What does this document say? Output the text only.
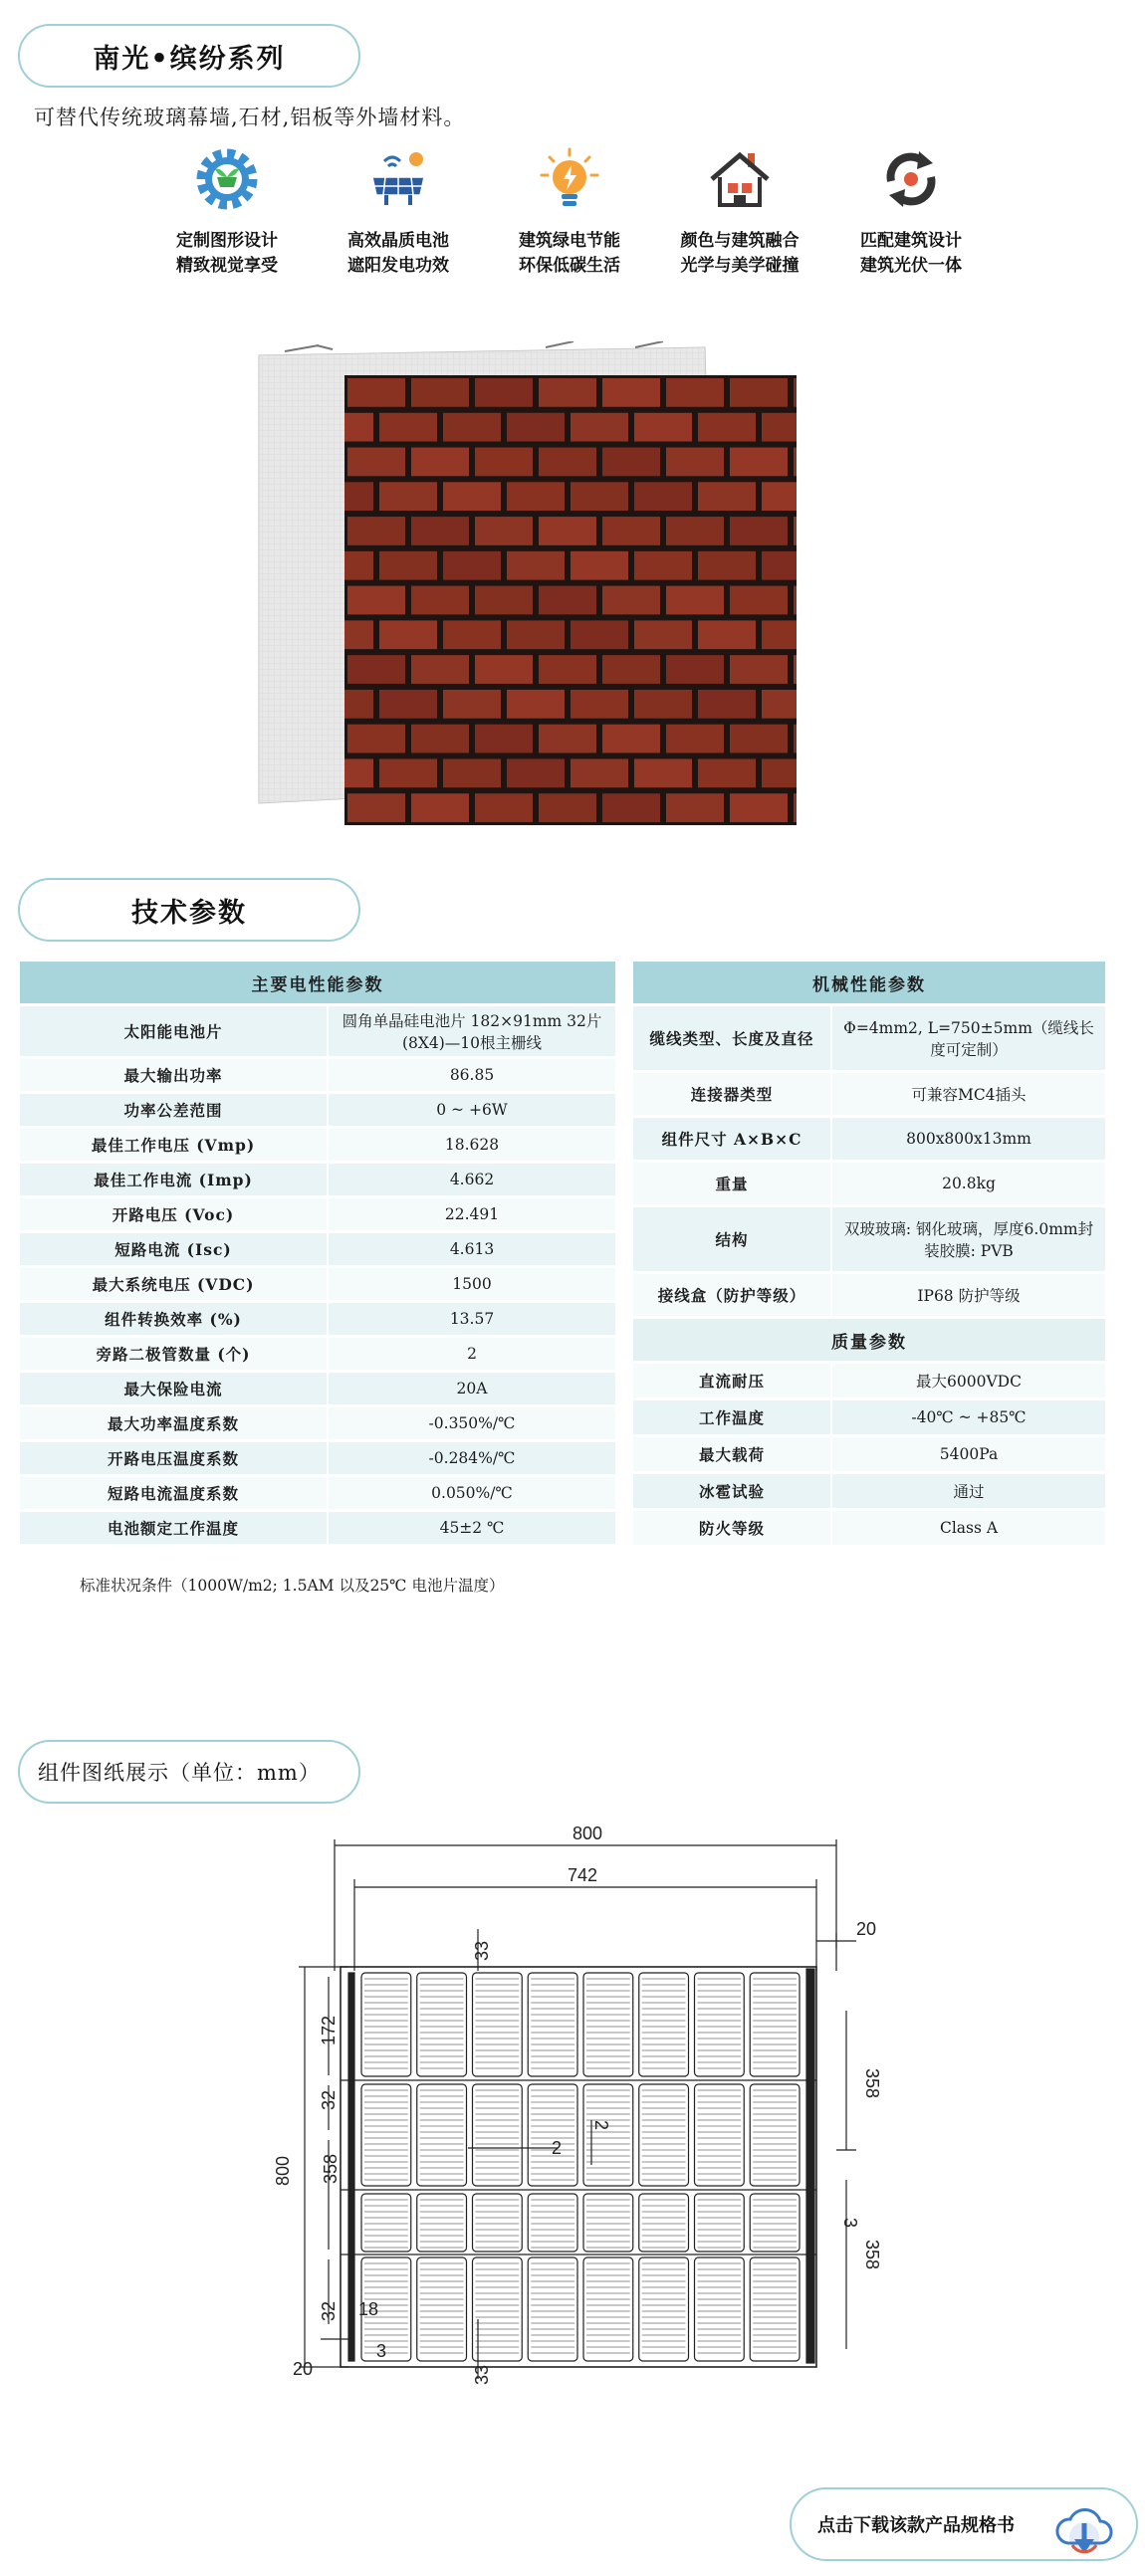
南光•缤纷系列
可替代传统玻璃幕墙,石材,铝板等外墙材料。
定制图形设计
精致视觉享受
高效晶质电池
遮阳发电功效
建筑绿电节能
环保低碳生活
颜色与建筑融合
光学与美学碰撞
匹配建筑设计
建筑光伏一体
技术参数
主要电性能参数	
太阳能电池片	圆角单晶硅电池片 182×91mm 32片(8X4)—10根主栅线
最大输出功率	86.85
功率公差范围	0 ~ +6W
最佳工作电压 (Vmp)	18.628
最佳工作电流 (Imp)	4.662
开路电压 (Voc)	22.491
短路电流 (Isc)	4.613
最大系统电压 (VDC)	1500
组件转换效率 (%)	13.57
旁路二极管数量 (个)	2
最大保险电流	20A
最大功率温度系数	-0.350%/℃
开路电压温度系数	-0.284%/℃
短路电流温度系数	0.050%/℃
电池额定工作温度	45±2 ℃
机械性能参数	
缆线类型、长度及直径	Φ=4mm2, L=750±5mm（缆线长度可定制）
连接器类型	可兼容MC4插头
组件尺寸 A×B×C	800x800x13mm
重量	20.8kg
结构	双玻玻璃: 钢化玻璃，厚度6.0mm封装胶膜: PVB
接线盒（防护等级）	IP68 防护等级
质量参数	
直流耐压	最大6000VDC
工作温度	-40℃ ~ +85℃
最大载荷	5400Pa
冰雹试验	通过
防火等级	Class A
标准状况条件（1000W/m2; 1.5AM 以及25℃ 电池片温度）
组件图纸展示（单位：mm）
800
742
20
358
172
32
32 18
800
20
3
33
33
358
358
3
2
2
点击下载该款产品规格书
